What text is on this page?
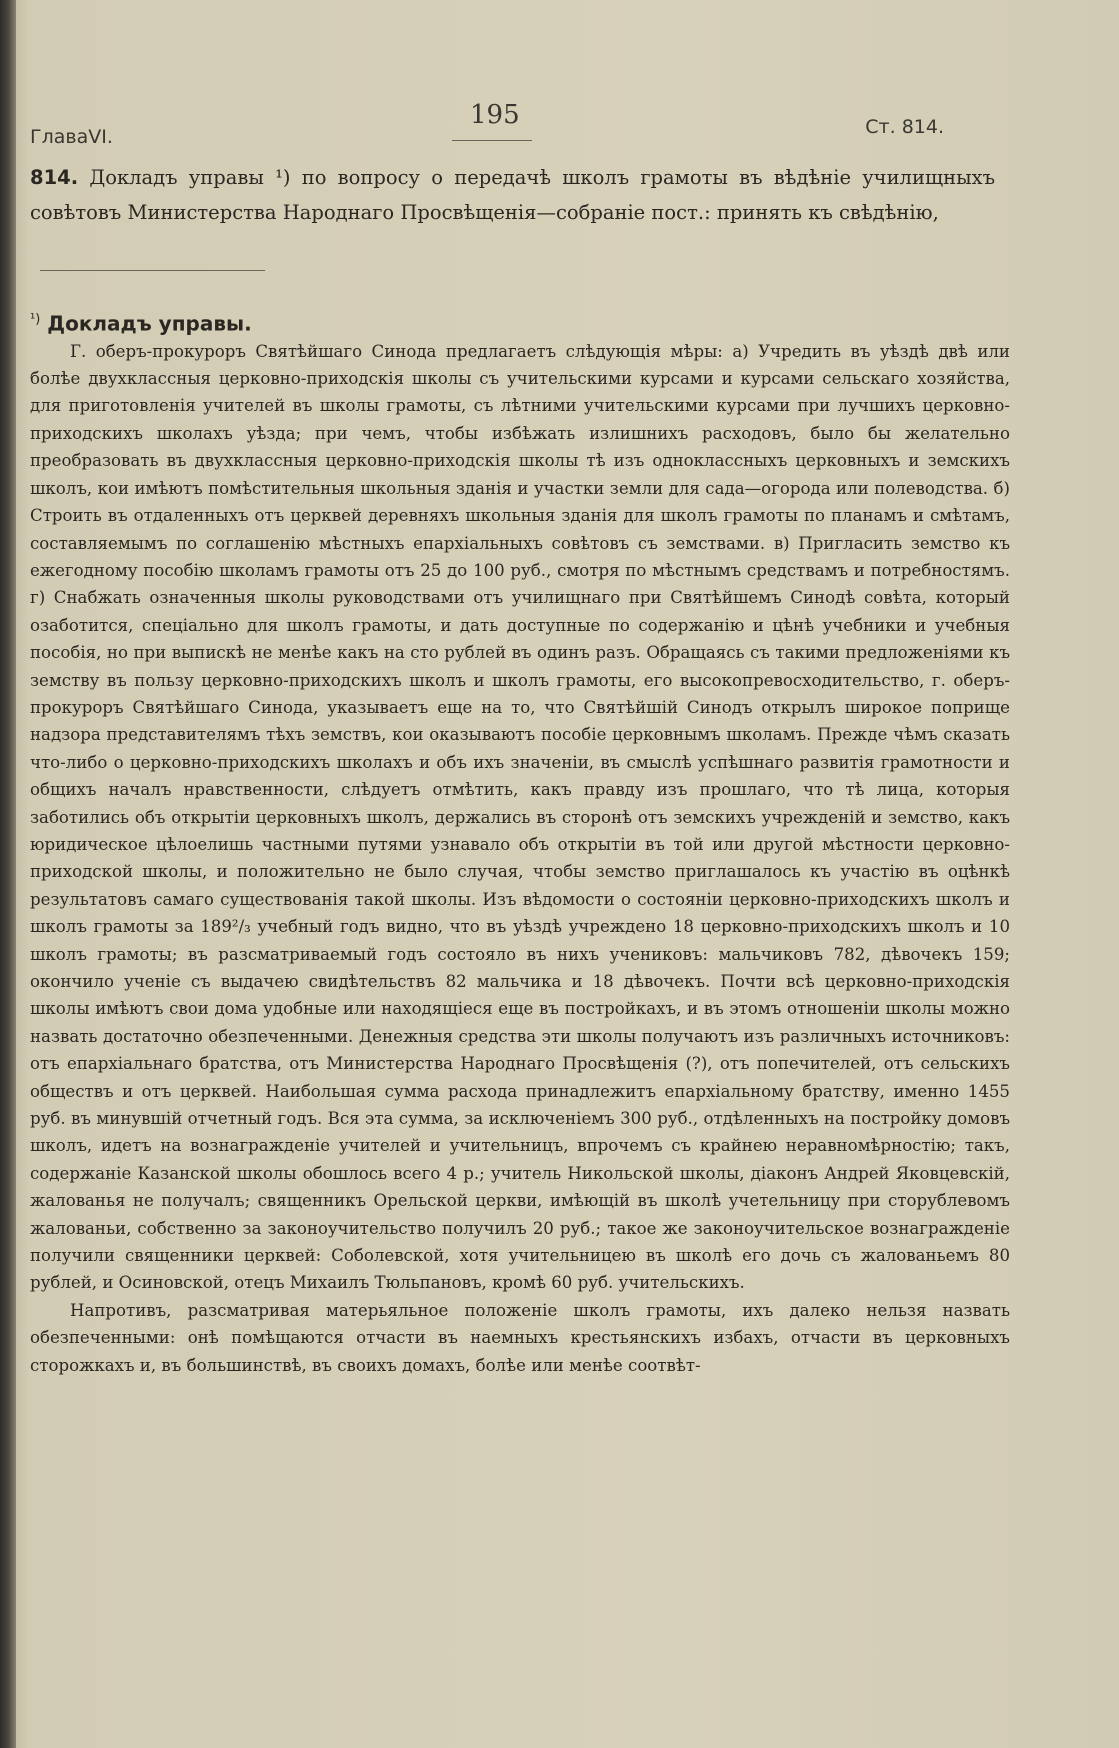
ГлаваVI.
195	Ст. 814.

814. Докладъ управы ¹) по вопросу о передачѣ школъ грамоты въ вѣдѣніе училищныхъ совѣтовъ Министерства Народнаго Просвѣщенія—собраніе пост.: принять къ свѣдѣнію,

$^{^1)}$ Докладъ управы.

Г. оберъ-прокуроръ Святѣйшаго Синода предлагаетъ слѣдующія мѣры: а) Учредить въ уѣздѣ двѣ или болѣе двухклассныя церковно-приходскія школы съ учительскими курсами и курсами сельскаго хозяйства, для приготовленія учителей въ школы грамоты, съ лѣтними учительскими курсами при лучшихъ церковно-приходскихъ школахъ уѣзда; при чемъ, чтобы избѣжать излишнихъ расходовъ, было бы желательно преобразовать въ двухклассныя церковно-приходскія школы тѣ изъ одноклассныхъ церковныхъ и земскихъ школъ, кои имѣютъ помѣстительныя школьныя зданія и участки земли для сада—огорода или полеводства. б) Строить въ отдаленныхъ отъ церквей деревняхъ школьныя зданія для школъ грамоты по планамъ и смѣтамъ, составляемымъ по соглашенію мѣстныхъ епархіальныхъ совѣтовъ съ земствами. в) Пригласить земство къ ежегодному пособію школамъ грамоты отъ 25 до 100 руб., смотря по мѣстнымъ средствамъ и потребностямъ. г) Снабжать означенныя школы руководствами отъ училищнаго при Святѣйшемъ Синодѣ совѣта, который озаботится, спеціально для школъ грамоты, и дать доступные по содержанію и цѣнѣ учебники и учебныя пособія, но при выпискѣ не менѣе какъ на сто рублей въ одинъ разъ. Обращаясь съ такими предложеніями къ земству въ пользу церковно-приходскихъ школъ и школъ грамоты, его высокопревосходительство, г. оберъ-прокуроръ Святѣйшаго Синода, указываетъ еще на то, что Святѣйшій Синодъ открылъ широкое поприще надзора представителямъ тѣхъ земствъ, кои оказываютъ пособіе церковнымъ школамъ. Прежде чѣмъ сказать что-либо о церковно-приходскихъ школахъ и объ ихъ значеніи, въ смыслѣ успѣшнаго развитія грамотности и общихъ началъ нравственности, слѣдуетъ отмѣтить, какъ правду изъ прошлаго, что тѣ лица, которыя заботились объ открытіи церковныхъ школъ, держались въ сторонѣ отъ земскихъ учрежденій и земство, какъ юридическое цѣлоелишь частными путями узнавало объ открытіи въ той или другой мѣстности церковно-приходской школы, и положительно не было случая, чтобы земство приглашалось къ участію въ оцѣнкѣ результатовъ самаго существованія такой школы. Изъ вѣдомости о состояніи церковно-приходскихъ школъ и школъ грамоты за 189²/₃ учебный годъ видно, что въ уѣздѣ учреждено 18 церковно-приходскихъ школъ и 10 школъ грамоты; въ разсматриваемый годъ состояло въ нихъ учениковъ: мальчиковъ 782, дѣвочекъ 159; окончило ученіе съ выдачею свидѣтельствъ 82 мальчика и 18 дѣвочекъ. Почти всѣ церковно-приходскія школы имѣютъ свои дома удобные или находящіеся еще въ постройкахъ, и въ этомъ отношеніи школы можно назвать достаточно обезпеченными. Денежныя средства эти школы получаютъ изъ различныхъ источниковъ: отъ епархіальнаго братства, отъ Министерства Народнаго Просвѣщенія (?), отъ попечителей, отъ сельскихъ обществъ и отъ церквей. Наибольшая сумма расхода принадлежитъ епархіальному братству, именно 1455 руб. въ минувшій отчетный годъ. Вся эта сумма, за исключеніемъ 300 руб., отдѣленныхъ на постройку домовъ школъ, идетъ на вознагражденіе учителей и учительницъ, впрочемъ съ крайнею неравномѣрностію; такъ, содержаніе Казанской школы обошлось всего 4 р.; учитель Никольской школы, діаконъ Андрей Яковцевскій, жалованья не получалъ; священникъ Орельской церкви, имѣющій въ школѣ учетельницу при сторублевомъ жалованьи, собственно за законоучительство получилъ 20 руб.; такое же законоучительское вознагражденіе получили священники церквей: Соболевской, хотя учительницею въ школѣ его дочь съ жалованьемъ 80 рублей, и Осиновской, отецъ Михаилъ Тюльпановъ, кромѣ 60 руб. учительскихъ.

Напротивъ, разсматривая матерьяльное положеніе школъ грамоты, ихъ далеко нельзя назвать обезпеченными: онѣ помѣщаются отчасти въ наемныхъ крестьянскихъ избахъ, отчасти въ церковныхъ сторожкахъ и, въ большинствѣ, въ своихъ домахъ, болѣе или менѣе соотвѣт-
